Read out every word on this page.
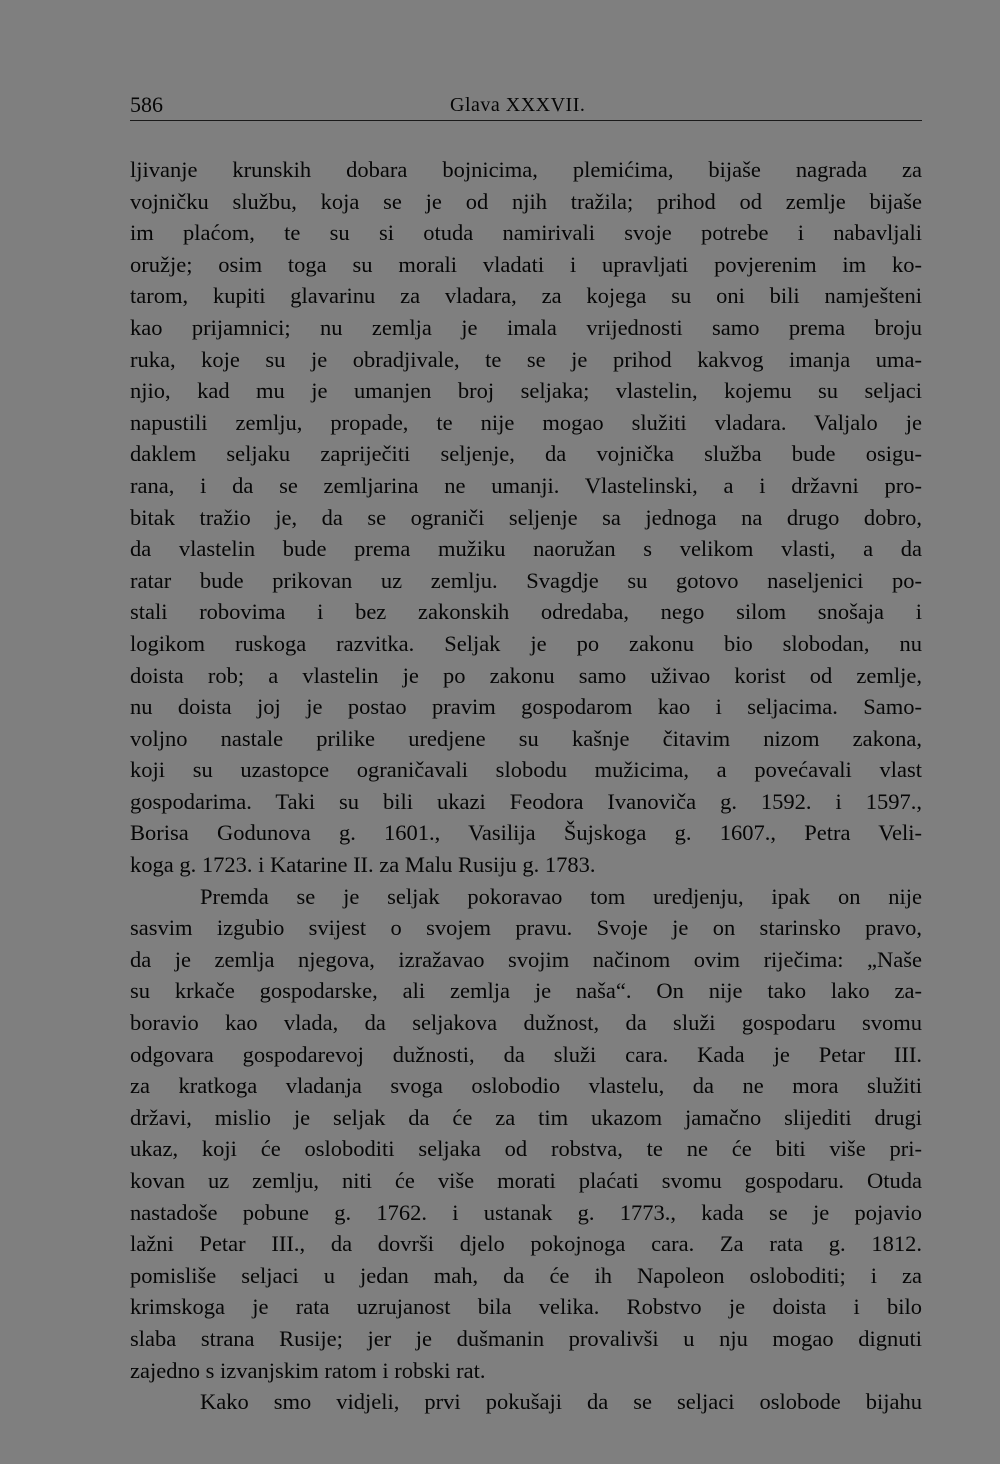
586	Glava XXXVII.
ljivanje krunskih dobara bojnicima, plemićima, bijaše nagrada za
vojničku službu, koja se je od njih tražila; prihod od zemlje bijaše
im plaćom, te su si otuda namirivali svoje potrebe i nabavljali
oružje; osim toga su morali vladati i upravljati povjerenim im ko-
tarom, kupiti glavarinu za vladara, za kojega su oni bili namješteni
kao prijamnici; nu zemlja je imala vrijednosti samo prema broju
ruka, koje su je obradjivale, te se je prihod kakvog imanja uma-
njio, kad mu je umanjen broj seljaka; vlastelin, kojemu su seljaci
napustili zemlju, propade, te nije mogao služiti vladara. Valjalo je
daklem seljaku zapriječiti seljenje, da vojnička služba bude osigu-
rana, i da se zemljarina ne umanji. Vlastelinski, a i državni pro-
bitak tražio je, da se ograniči seljenje sa jednoga na drugo dobro,
da vlastelin bude prema mužiku naoružan s velikom vlasti, a da
ratar bude prikovan uz zemlju. Svagdje su gotovo naseljenici po-
stali robovima i bez zakonskih odredaba, nego silom snošaja i
logikom ruskoga razvitka. Seljak je po zakonu bio slobodan, nu
doista rob; a vlastelin je po zakonu samo uživao korist od zemlje,
nu doista joj je postao pravim gospodarom kao i seljacima. Samo-
voljno nastale prilike uredjene su kašnje čitavim nizom zakona,
koji su uzastopce ograničavali slobodu mužicima, a povećavali vlast
gospodarima. Taki su bili ukazi Feodora Ivanoviča g. 1592. i 1597.,
Borisa Godunova g. 1601., Vasilija Šujskoga g. 1607., Petra Veli-
koga g. 1723. i Katarine II. za Malu Rusiju g. 1783.
Premda se je seljak pokoravao tom uredjenju, ipak on nije
sasvim izgubio svijest o svojem pravu. Svoje je on starinsko pravo,
da je zemlja njegova, izražavao svojim načinom ovim riječima: „Naše
su krkače gospodarske, ali zemlja je naša“. On nije tako lako za-
boravio kao vlada, da seljakova dužnost, da služi gospodaru svomu
odgovara gospodarevoj dužnosti, da služi cara. Kada je Petar III.
za kratkoga vladanja svoga oslobodio vlastelu, da ne mora služiti
državi, mislio je seljak da će za tim ukazom jamačno slijediti drugi
ukaz, koji će osloboditi seljaka od robstva, te ne će biti više pri-
kovan uz zemlju, niti će više morati plaćati svomu gospodaru. Otuda
nastadoše pobune g. 1762. i ustanak g. 1773., kada se je pojavio
lažni Petar III., da dovrši djelo pokojnoga cara. Za rata g. 1812.
pomisliše seljaci u jedan mah, da će ih Napoleon osloboditi; i za
krimskoga je rata uzrujanost bila velika. Robstvo je doista i bilo
slaba strana Rusije; jer je dušmanin provalivši u nju mogao dignuti
zajedno s izvanjskim ratom i robski rat.
Kako smo vidjeli, prvi pokušaji da se seljaci oslobode bijahu
